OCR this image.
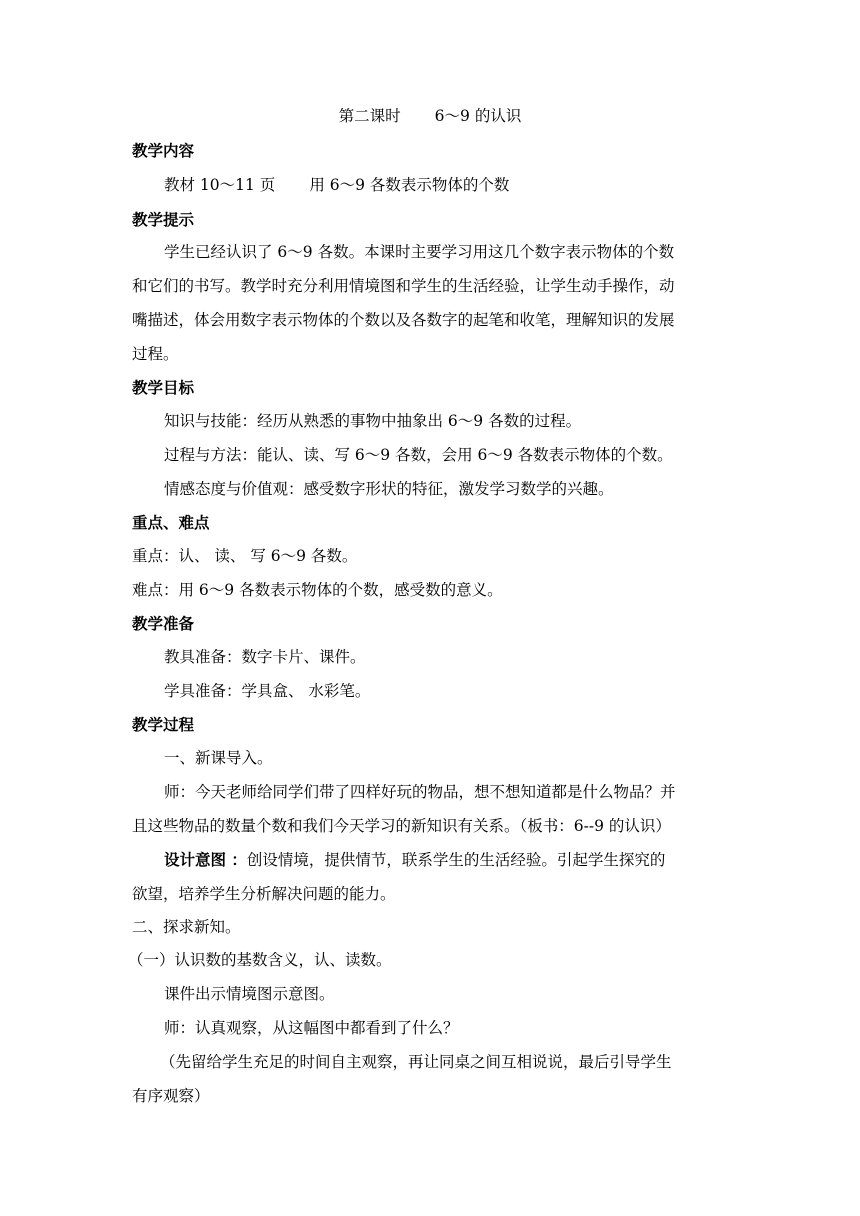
第二课时 6～9 的认识
教学内容
教材 10～11 页 用 6～9 各数表示物体的个数
教学提示
学生已经认识了 6～9 各数。本课时主要学习用这几个数字表示物体的个数
和它们的书写。教学时充分利用情境图和学生的生活经验，让学生动手操作，动
嘴描述，体会用数字表示物体的个数以及各数字的起笔和收笔，理解知识的发展
过程。
教学目标
知识与技能：经历从熟悉的事物中抽象出 6～9 各数的过程。
过程与方法：能认、读、写 6～9 各数，会用 6～9 各数表示物体的个数。
情感态度与价值观：感受数字形状的特征，激发学习数学的兴趣。
重点、难点
重点：认、 读、 写 6～9 各数。
难点：用 6～9 各数表示物体的个数，感受数的意义。
教学准备
教具准备：数字卡片、课件。
学具准备：学具盒、 水彩笔。
教学过程
一、新课导入。
师：今天老师给同学们带了四样好玩的物品，想不想知道都是什么物品？并
且这些物品的数量个数和我们今天学习的新知识有关系。（板书：6--9 的认识）
设计意图 ：创设情境，提供情节，联系学生的生活经验。引起学生探究的
欲望，培养学生分析解决问题的能力。
二、探求新知。
（一）认识数的基数含义，认、读数。
课件出示情境图示意图。
师：认真观察，从这幅图中都看到了什么？
（先留给学生充足的时间自主观察，再让同桌之间互相说说，最后引导学生
有序观察）
